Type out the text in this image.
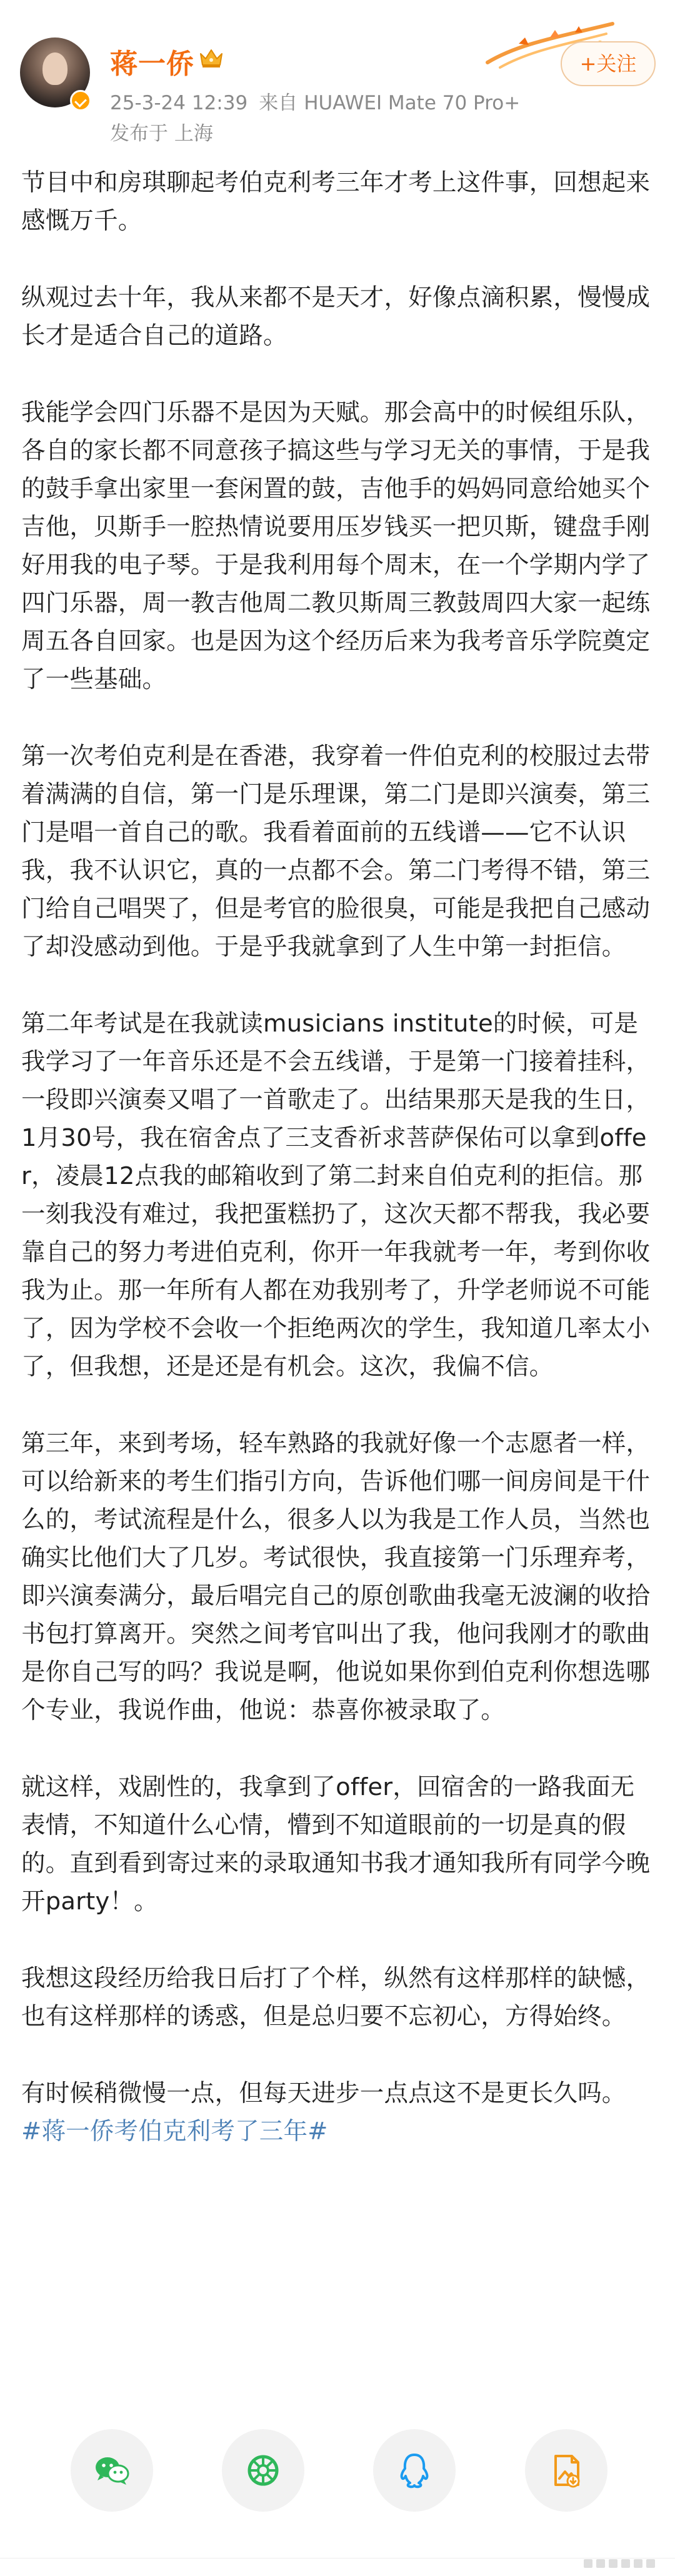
蒋一侨
25-3-24 12:39 来自 HUAWEI Mate 70 Pro+
发布于 上海
+关注

节目中和房琪聊起考伯克利考三年才考上这件事，回想起来感慨万千。

纵观过去十年，我从来都不是天才，好像点滴积累，慢慢成长才是适合自己的道路。

我能学会四门乐器不是因为天赋。那会高中的时候组乐队，各自的家长都不同意孩子搞这些与学习无关的事情，于是我的鼓手拿出家里一套闲置的鼓，吉他手的妈妈同意给她买个吉他，贝斯手一腔热情说要用压岁钱买一把贝斯，键盘手刚好用我的电子琴。于是我利用每个周末，在一个学期内学了四门乐器，周一教吉他周二教贝斯周三教鼓周四大家一起练周五各自回家。也是因为这个经历后来为我考音乐学院奠定了一些基础。

第一次考伯克利是在香港，我穿着一件伯克利的校服过去带着满满的自信，第一门是乐理课，第二门是即兴演奏，第三门是唱一首自己的歌。我看着面前的五线谱——它不认识我，我不认识它，真的一点都不会。第二门考得不错，第三门给自己唱哭了，但是考官的脸很臭，可能是我把自己感动了却没感动到他。于是乎我就拿到了人生中第一封拒信。

第二年考试是在我就读musicians institute的时候，可是我学习了一年音乐还是不会五线谱，于是第一门接着挂科，一段即兴演奏又唱了一首歌走了。出结果那天是我的生日，1月30号，我在宿舍点了三支香祈求菩萨保佑可以拿到offer，凌晨12点我的邮箱收到了第二封来自伯克利的拒信。那一刻我没有难过，我把蛋糕扔了，这次天都不帮我，我必要靠自己的努力考进伯克利，你开一年我就考一年，考到你收我为止。那一年所有人都在劝我别考了，升学老师说不可能了，因为学校不会收一个拒绝两次的学生，我知道几率太小了，但我想，还是还是有机会。这次，我偏不信。

第三年，来到考场，轻车熟路的我就好像一个志愿者一样，可以给新来的考生们指引方向，告诉他们哪一间房间是干什么的，考试流程是什么，很多人以为我是工作人员，当然也确实比他们大了几岁。考试很快，我直接第一门乐理弃考，即兴演奏满分，最后唱完自己的原创歌曲我毫无波澜的收拾书包打算离开。突然之间考官叫出了我，他问我刚才的歌曲是你自己写的吗？我说是啊，他说如果你到伯克利你想选哪个专业，我说作曲，他说：恭喜你被录取了。

就这样，戏剧性的，我拿到了offer，回宿舍的一路我面无表情，不知道什么心情，懵到不知道眼前的一切是真的假的。直到看到寄过来的录取通知书我才通知我所有同学今晚开party！。

我想这段经历给我日后打了个样，纵然有这样那样的缺憾，也有这样那样的诱惑，但是总归要不忘初心，方得始终。

有时候稍微慢一点，但每天进步一点点这不是更长久吗。

#蒋一侨考伯克利考了三年#
